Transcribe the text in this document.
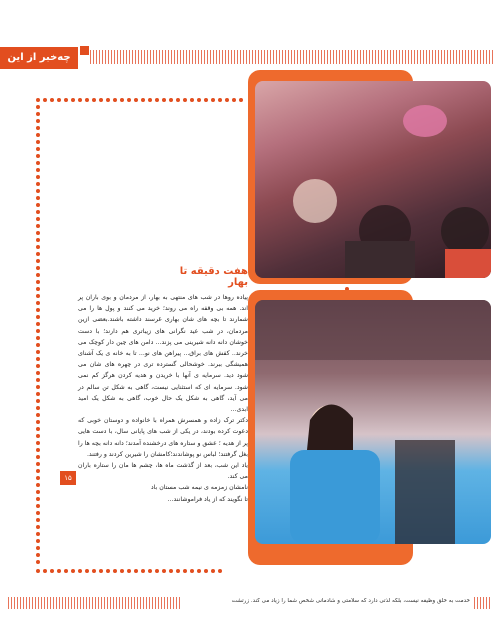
چه‌خبر از این خانه
هفت دقیقه تا بهار

پیاده روها در شب های منتهی به بهار، از مردمان و بوی باران پر اند. همه بی وقفه راه می روند؛ خرید می کنند و پول ها را می شمارند تا بچه های شان بهاری غرسند داشته باشند.بعضی ازین مردمان، در شب عید نگرانی های زیباتری هم دارند؛ با دست خوشان دانه دانه شیرینی می پزند... دامن های چین دار کوچک می خرند.. کفش های براق... پیراهن های نو... تا به خانه ی یک آشنای همیشگی ببرند. خوشحالی گسترده تری در چهره های شان می شود دید. سرمایه ی آنها با خریدن و هدیه کردن هرگز کم نمی شود. سرمایه ای که استثنایی نیست، گاهی به شکل تن سالم در می آید، گاهی به شکل یک حال خوب، گاهی به شکل یک امید ابدی...

دکتر ترک زاده و همسرش همراه با خانواده و دوستان خوبی که دعوت کرده بودند، در یکی از شب های پایانی سال، با دست هایی پر از هدیه ؛ عشق و ستاره های درخشنده آمدند؛ دانه دانه بچه ها را بغل گرفتند؛ لباس نو پوشاندند؛کامشان را شیرین کردند و رفتند.

یاد این شب، بعد از گذشت ماه ها، چشم ها مان را ستاره باران می کند.

نامشان زمزمه ی نیمه شب مستان باد

تا نگویند که از یاد فراموشانند...

۱۵
خدمت به خلق وظیفه نیست، بلکه لذتی دارد که سلامتی و شادمانی شخص شما را زیاد می کند. زرتشت
